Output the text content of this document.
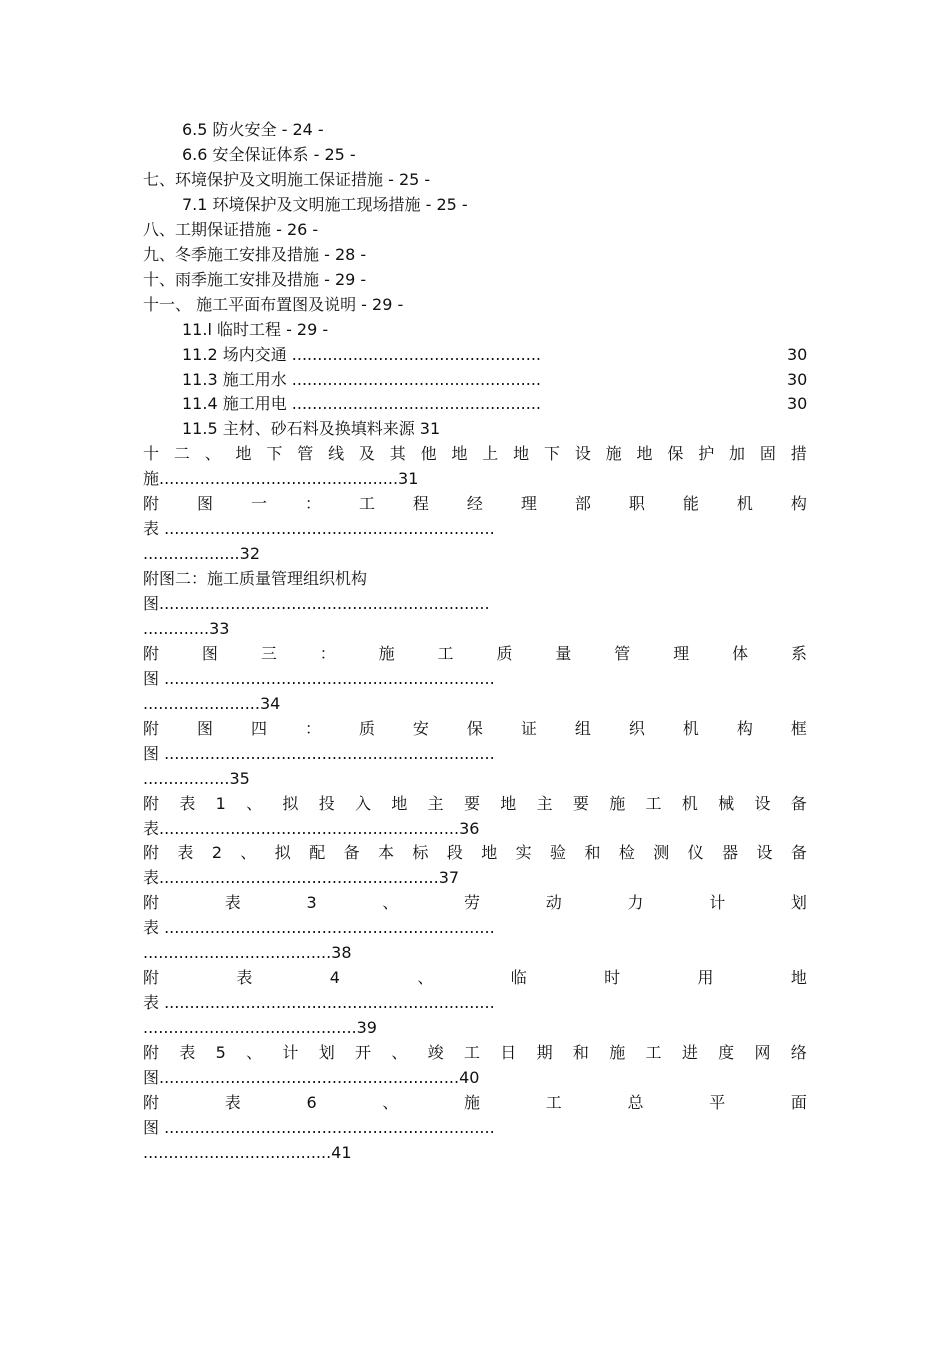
6.5 防火安全 - 24 -
6.6 安全保证体系 - 25 -
七、环境保护及文明施工保证措施 - 25 -
7.1 环境保护及文明施工现场措施 - 25 -
八、工期保证措施 - 26 -
九、冬季施工安排及措施 - 28 -
十、雨季施工安排及措施 - 29 -
十一、 施工平面布置图及说明 - 29 -
11.l 临时工程 - 29 -
11.2 场内交通 .................................................	30
11.3 施工用水 .................................................	30
11.4 施工用电 .................................................	30
11.5 主材、砂石料及换填料来源 31
十 二 、 地 下 管 线 及 其 他 地 上 地 下 设 施 地 保 护 加 固 措
施...............................................31
附 图 一 ： 工 程 经 理 部 职 能 机 构
表 .................................................................
...................32
附图二：施工质量管理组织机构
图.................................................................
.............33
附	图	三	：	施	工	质	量	管	理	体	系
图 .................................................................
.......................34
附 图 四 ： 质 安 保 证 组 织 机 构 框
图 .................................................................
.................35
附 表 1 、 拟 投 入 地 主 要 地 主 要 施 工 机 械 设 备
表...........................................................36
附 表 2 、 拟 配 备 本 标 段 地 实 验 和 检 测 仪 器 设 备
表.......................................................37
附	表	3	、	劳	动	力	计	划
表 .................................................................
.....................................38
附	表	4	、	临	时	用	地
表 .................................................................
..........................................39
附 表 5 、 计 划 开 、 竣 工 日 期 和 施 工 进 度 网 络
图...........................................................40
附	表	6	、	施	工	总	平	面
图 .................................................................
.....................................41
